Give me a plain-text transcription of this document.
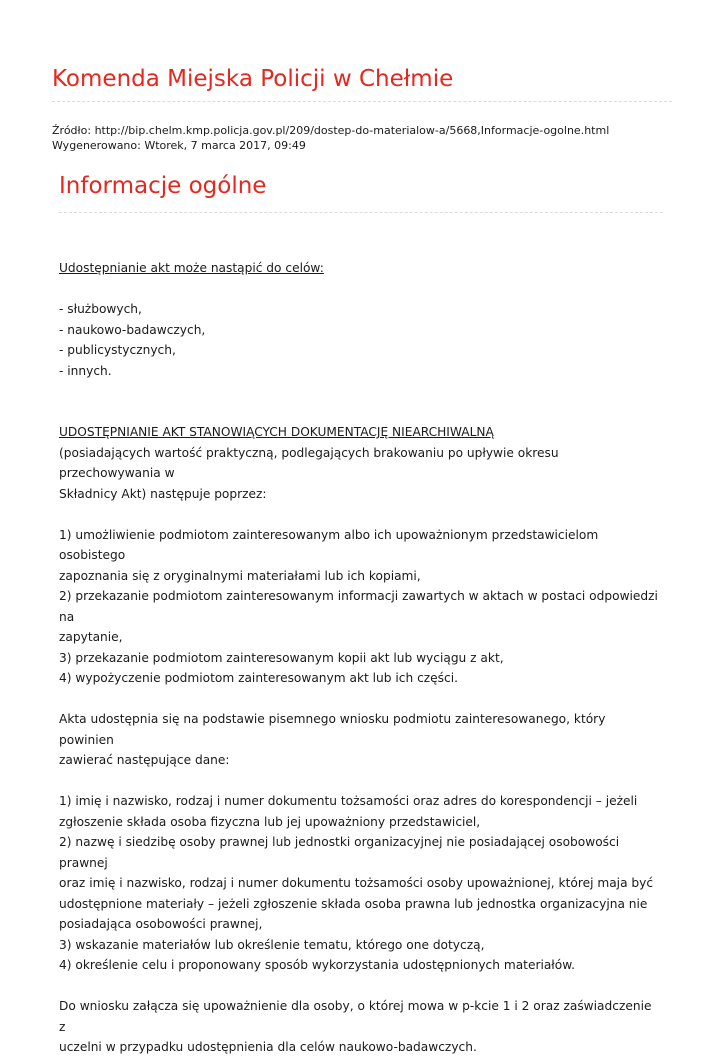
Komenda Miejska Policji w Chełmie
Źródło: http://bip.chelm.kmp.policja.gov.pl/209/dostep-do-materialow-a/5668,Informacje-ogolne.html
Wygenerowano: Wtorek, 7 marca 2017, 09:49
Informacje ogólne

Udostępnianie akt może nastąpić do celów:

- służbowych,

- naukowo-badawczych,

- publicystycznych,

- innych.

UDOSTĘPNIANIE AKT STANOWIĄCYCH DOKUMENTACJĘ NIEARCHIWALNĄ

(posiadających wartość praktyczną, podlegających brakowaniu po upływie okresu przechowywania w

Składnicy Akt) następuje poprzez:

1) umożliwienie podmiotom zainteresowanym albo ich upoważnionym przedstawicielom osobistego

zapoznania się z oryginalnymi materiałami lub ich kopiami,

2) przekazanie podmiotom zainteresowanym informacji zawartych w aktach w postaci odpowiedzi na

zapytanie,

3) przekazanie podmiotom zainteresowanym kopii akt lub wyciągu z akt,

4) wypożyczenie podmiotom zainteresowanym akt lub ich części.

Akta udostępnia się na podstawie pisemnego wniosku podmiotu zainteresowanego, który powinien

zawierać następujące dane:

1) imię i nazwisko, rodzaj i numer dokumentu tożsamości oraz adres do korespondencji – jeżeli

zgłoszenie składa osoba fizyczna lub jej upoważniony przedstawiciel,

2) nazwę i siedzibę osoby prawnej lub jednostki organizacyjnej nie posiadającej osobowości prawnej

oraz imię i nazwisko, rodzaj i numer dokumentu tożsamości osoby upoważnionej, której maja być

udostępnione materiały – jeżeli zgłoszenie składa osoba prawna lub jednostka organizacyjna nie

posiadająca osobowości prawnej,

3) wskazanie materiałów lub określenie tematu, którego one dotyczą,

4) określenie celu i proponowany sposób wykorzystania udostępnionych materiałów.

Do wniosku załącza się upoważnienie dla osoby, o której mowa w p-kcie 1 i 2 oraz zaświadczenie z

uczelni w przypadku udostępnienia dla celów naukowo-badawczych.
